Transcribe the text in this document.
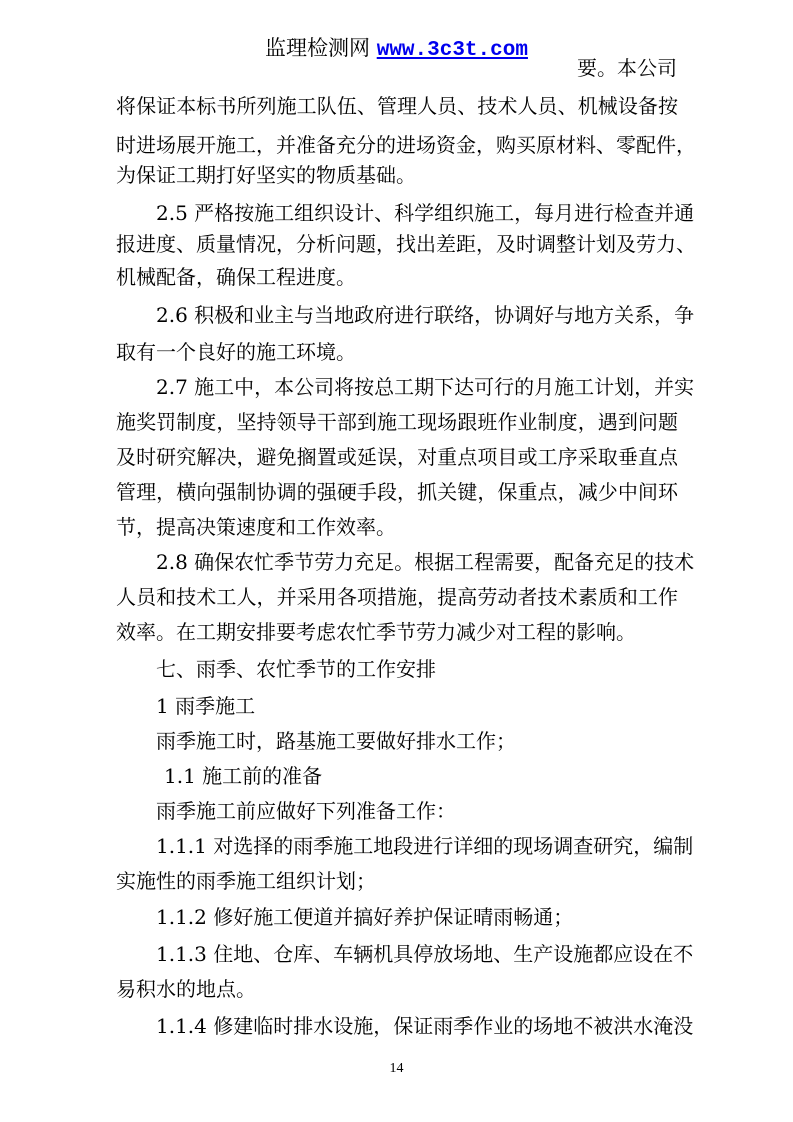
监理检测网 www.3c3t.com
要。本公司
将保证本标书所列施工队伍、管理人员、技术人员、机械设备按
时进场展开施工，并准备充分的进场资金，购买原材料、零配件，
为保证工期打好坚实的物质基础。
2.5 严格按施工组织设计、科学组织施工，每月进行检查并通
报进度、质量情况，分析问题，找出差距，及时调整计划及劳力、
机械配备，确保工程进度。
2.6 积极和业主与当地政府进行联络，协调好与地方关系，争
取有一个良好的施工环境。
2.7 施工中，本公司将按总工期下达可行的月施工计划，并实
施奖罚制度，坚持领导干部到施工现场跟班作业制度，遇到问题
及时研究解决，避免搁置或延误，对重点项目或工序采取垂直点
管理，横向强制协调的强硬手段，抓关键，保重点，减少中间环
节，提高决策速度和工作效率。
2.8 确保农忙季节劳力充足。根据工程需要，配备充足的技术
人员和技术工人，并采用各项措施，提高劳动者技术素质和工作
效率。在工期安排要考虑农忙季节劳力减少对工程的影响。
七、雨季、农忙季节的工作安排
1 雨季施工
雨季施工时，路基施工要做好排水工作；
1.1 施工前的准备
雨季施工前应做好下列准备工作：
1.1.1 对选择的雨季施工地段进行详细的现场调查研究，编制
实施性的雨季施工组织计划；
1.1.2 修好施工便道并搞好养护保证晴雨畅通；
1.1.3 住地、仓库、车辆机具停放场地、生产设施都应设在不
易积水的地点。
1.1.4 修建临时排水设施，保证雨季作业的场地不被洪水淹没
14
